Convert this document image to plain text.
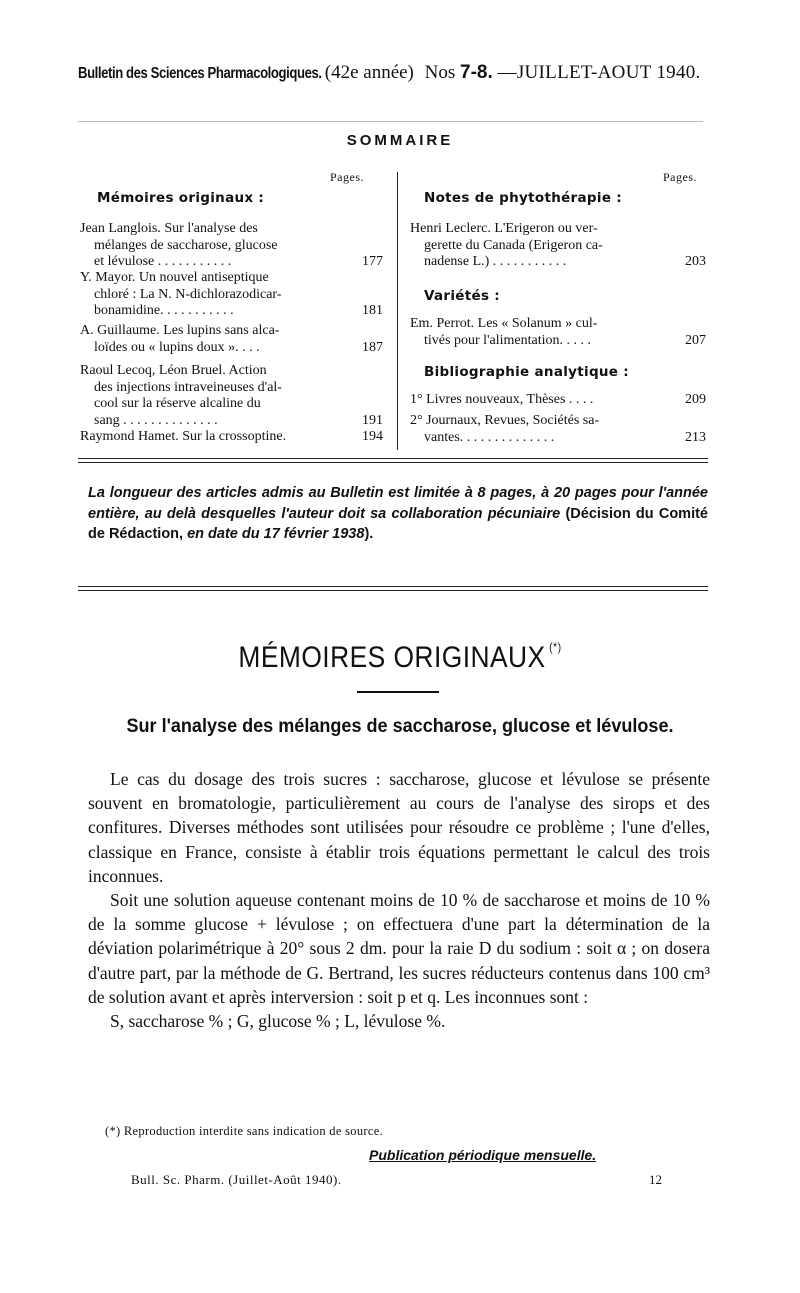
Bulletin des Sciences Pharmacologiques. (42e année) Nos 7-8. —JUILLET-AOUT 1940.
SOMMAIRE
Pages.
Mémoires originaux :
Jean Langlois. Sur l'analyse des
mélanges de saccharose, glucose
et lévulose . . . . . . . . . . .	177
Y. Mayor. Un nouvel antiseptique
chloré : La N. N-dichlorazodicar-
bonamidine. . . . . . . . . . .	181
A. Guillaume. Les lupins sans alca-
loïdes ou « lupins doux ». . . .	187
Raoul Lecoq, Léon Bruel. Action
des injections intraveineuses d'al-
cool sur la réserve alcaline du
sang . . . . . . . . . . . . . .	191
Raymond Hamet. Sur la crossoptine.	194
Pages.
Notes de phytothérapie :
Henri Leclerc. L'Erigeron ou ver-
gerette du Canada (Erigeron ca-
nadense L.) . . . . . . . . . . .	203
Variétés :
Em. Perrot. Les « Solanum » cul-
tivés pour l'alimentation. . . . .	207
Bibliographie analytique :
1° Livres nouveaux, Thèses . . . .	209
2° Journaux, Revues, Sociétés sa-
vantes. . . . . . . . . . . . . .	213
La longueur des articles admis au Bulletin est limitée à 8 pages, à 20 pages pour l'année entière, au delà desquelles l'auteur doit sa collaboration pécuniaire (Décision du Comité de Rédaction, en date du 17 février 1938).
MÉMOIRES ORIGINAUX (*)
Sur l'analyse des mélanges de saccharose, glucose et lévulose.

Le cas du dosage des trois sucres : saccharose, glucose et lévulose se présente souvent en bromatologie, particulièrement au cours de l'analyse des sirops et des confitures. Diverses méthodes sont utilisées pour résoudre ce problème ; l'une d'elles, classique en France, consiste à établir trois équations permettant le calcul des trois inconnues.

Soit une solution aqueuse contenant moins de 10 % de saccharose et moins de 10 % de la somme glucose + lévulose ; on effectuera d'une part la détermination de la déviation polarimétrique à 20° sous 2 dm. pour la raie D du sodium : soit α ; on dosera d'autre part, par la méthode de G. Bertrand, les sucres réducteurs contenus dans 100 cm³ de solution avant et après interversion : soit p et q. Les inconnues sont :

S, saccharose % ; G, glucose % ; L, lévulose %.

(*) Reproduction interdite sans indication de source.
Publication périodique mensuelle.
Bull. Sc. Pharm. (Juillet-Août 1940).	12
